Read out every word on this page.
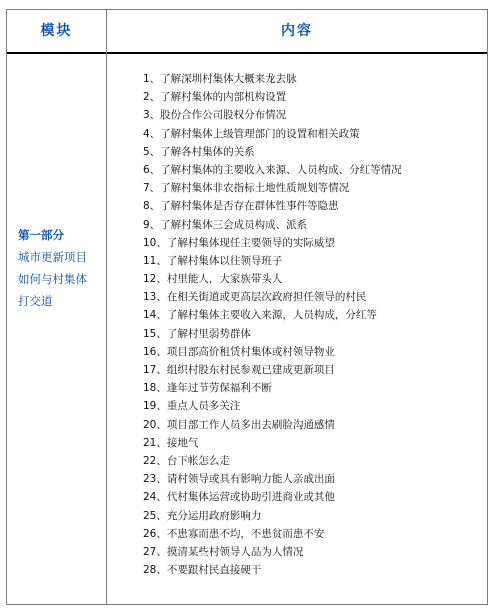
模块	内容
第一部分
城市更新项目
如何与村集体
打交道
1、了解深圳村集体大概来龙去脉
2、了解村集体的内部机构设置
3、股份合作公司股权分布情况
4、了解村集体上级管理部门的设置和相关政策
5、了解各村集体的关系
6、了解村集体的主要收入来源、人员构成、分红等情况
7、了解村集体非农指标土地性质规划等情况
8、了解村集体是否存在群体性事件等隐患
9、了解村集体三会成员构成、派系
10、了解村集体现任主要领导的实际威望
11、了解村集体以往领导班子
12、村里能人，大家族带头人
13、在相关街道或更高层次政府担任领导的村民
14、了解村集体主要收入来源，人员构成，分红等
15、了解村里弱势群体
16、项目部高价租赁村集体或村领导物业
17、组织村股东村民参观已建成更新项目
18、逢年过节劳保福利不断
19、重点人员多关注
20、项目部工作人员多出去刷脸沟通感情
21、接地气
22、台下帐怎么走
23、请村领导或具有影响力能人亲戚出面
24、代村集体运营或协助引进商业或其他
25、充分运用政府影响力
26、不患寡而患不均，不患贫而患不安
27、摸清某些村领导人品为人情况
28、不要跟村民直接硬干
